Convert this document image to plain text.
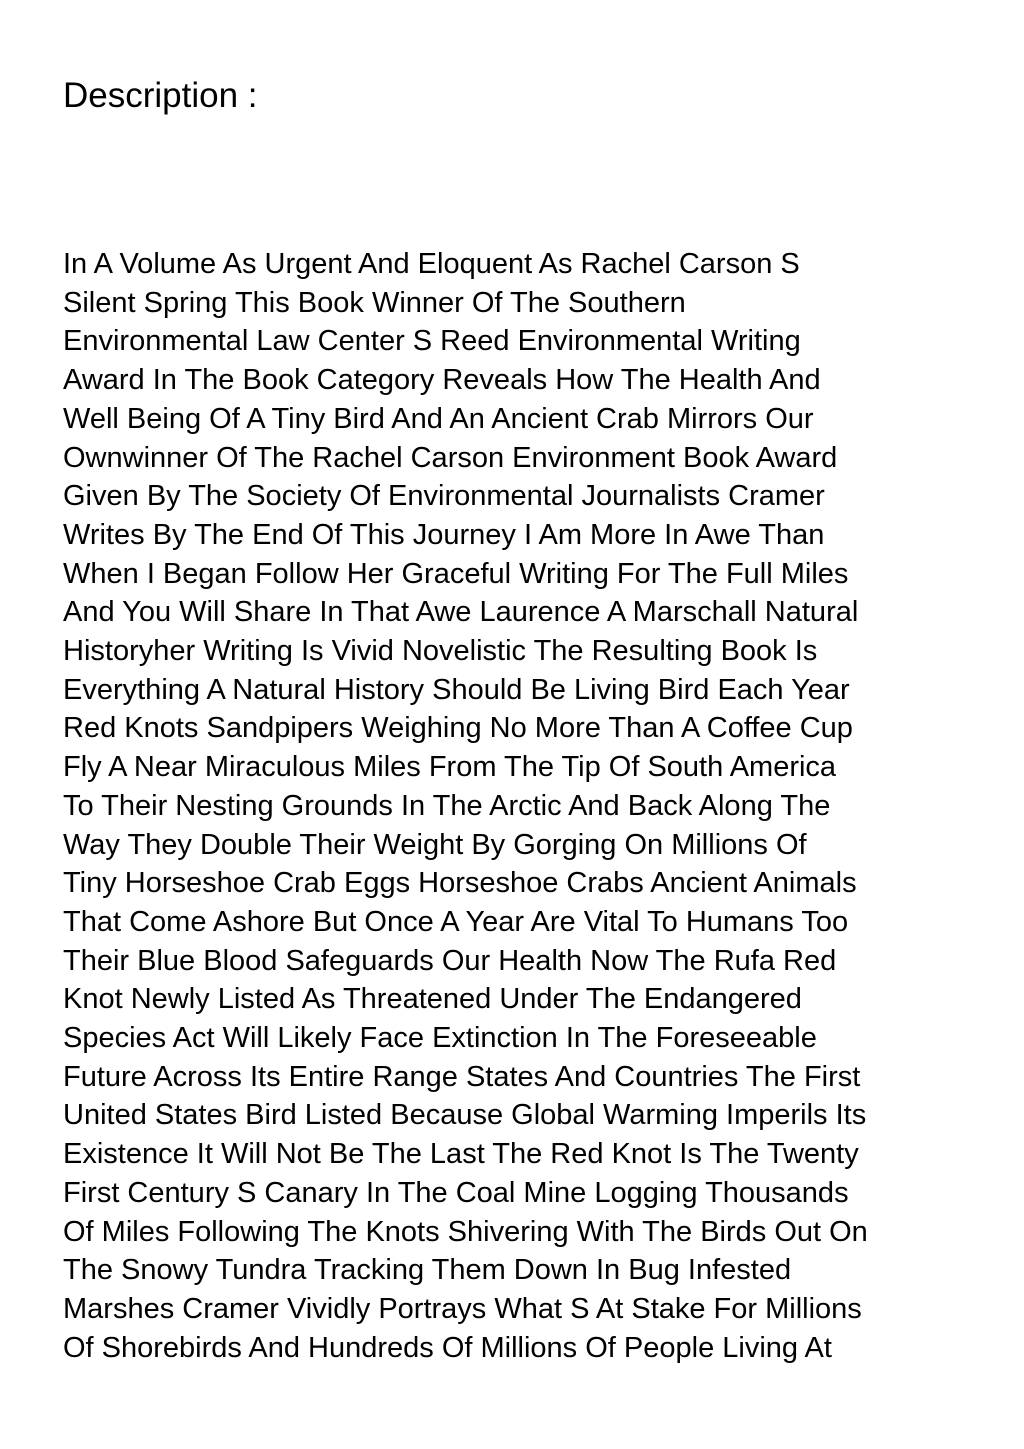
Description :
In A Volume As Urgent And Eloquent As Rachel Carson S
Silent Spring This Book Winner Of The Southern
Environmental Law Center S Reed Environmental Writing
Award In The Book Category Reveals How The Health And
Well Being Of A Tiny Bird And An Ancient Crab Mirrors Our
Ownwinner Of The Rachel Carson Environment Book Award
Given By The Society Of Environmental Journalists Cramer
Writes By The End Of This Journey I Am More In Awe Than
When I Began Follow Her Graceful Writing For The Full Miles
And You Will Share In That Awe Laurence A Marschall Natural
Historyher Writing Is Vivid Novelistic The Resulting Book Is
Everything A Natural History Should Be Living Bird Each Year
Red Knots Sandpipers Weighing No More Than A Coffee Cup
Fly A Near Miraculous Miles From The Tip Of South America
To Their Nesting Grounds In The Arctic And Back Along The
Way They Double Their Weight By Gorging On Millions Of
Tiny Horseshoe Crab Eggs Horseshoe Crabs Ancient Animals
That Come Ashore But Once A Year Are Vital To Humans Too
Their Blue Blood Safeguards Our Health Now The Rufa Red
Knot Newly Listed As Threatened Under The Endangered
Species Act Will Likely Face Extinction In The Foreseeable
Future Across Its Entire Range States And Countries The First
United States Bird Listed Because Global Warming Imperils Its
Existence It Will Not Be The Last The Red Knot Is The Twenty
First Century S Canary In The Coal Mine Logging Thousands
Of Miles Following The Knots Shivering With The Birds Out On
The Snowy Tundra Tracking Them Down In Bug Infested
Marshes Cramer Vividly Portrays What S At Stake For Millions
Of Shorebirds And Hundreds Of Millions Of People Living At
